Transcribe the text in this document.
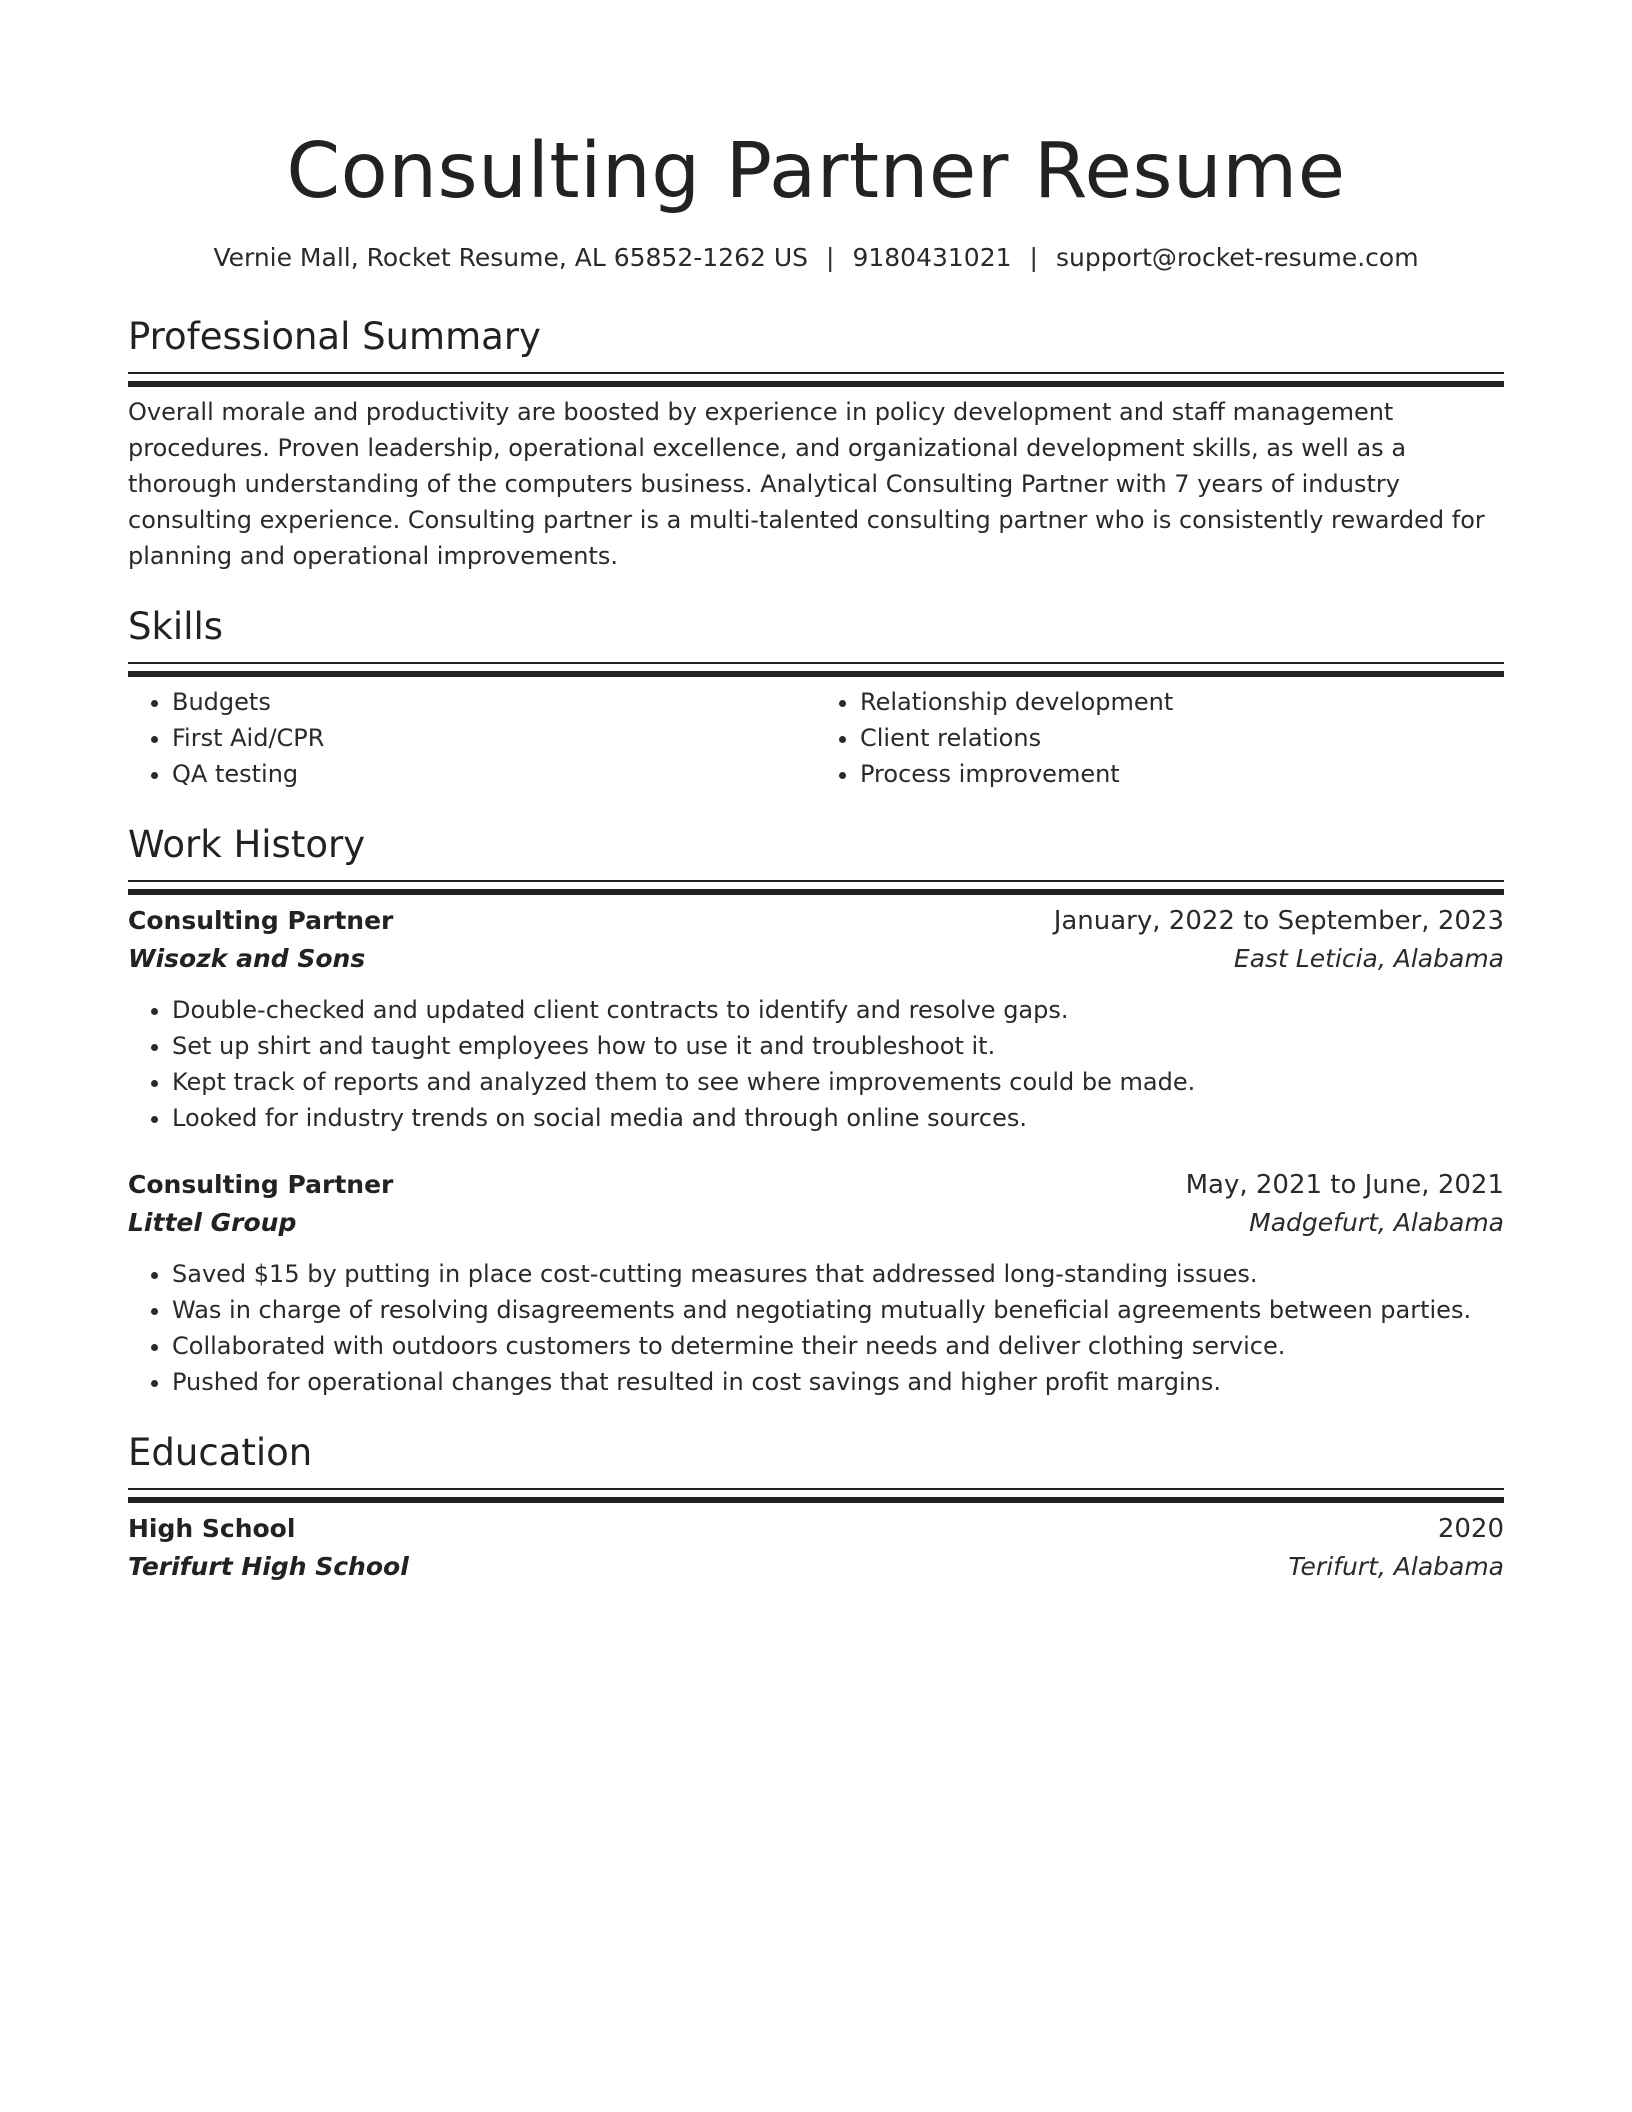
Consulting Partner Resume
Vernie Mall, Rocket Resume, AL 65852-1262 US | 9180431021 | support@rocket-resume.com
Professional Summary

Overall morale and productivity are boosted by experience in policy development and staff management procedures. Proven leadership, operational excellence, and organizational development skills, as well as a thorough understanding of the computers business. Analytical Consulting Partner with 7 years of industry consulting experience. Consulting partner is a multi-talented consulting partner who is consistently rewarded for planning and operational improvements.

Skills
• Budgets
• First Aid/CPR
• QA testing
• Relationship development
• Client relations
• Process improvement
Work History
Consulting Partner	January, 2022 to September, 2023
Wisozk and Sons	East Leticia, Alabama
• Double-checked and updated client contracts to identify and resolve gaps.
• Set up shirt and taught employees how to use it and troubleshoot it.
• Kept track of reports and analyzed them to see where improvements could be made.
• Looked for industry trends on social media and through online sources.
Consulting Partner	May, 2021 to June, 2021
Littel Group	Madgefurt, Alabama
• Saved $15 by putting in place cost-cutting measures that addressed long-standing issues.
• Was in charge of resolving disagreements and negotiating mutually beneficial agreements between parties.
• Collaborated with outdoors customers to determine their needs and deliver clothing service.
• Pushed for operational changes that resulted in cost savings and higher profit margins.
Education
High School	2020
Terifurt High School	Terifurt, Alabama
